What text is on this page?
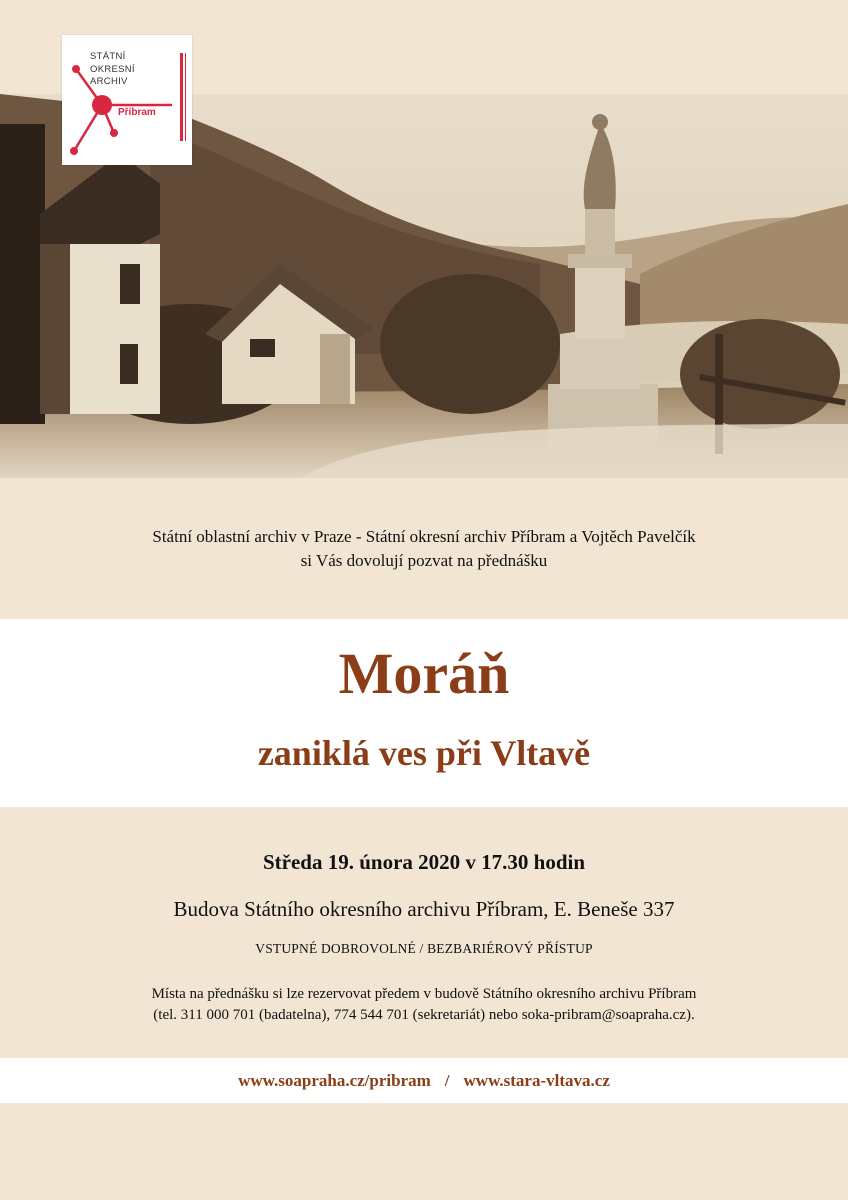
STÁTNÍ
OKRESNÍ
ARCHIV
Příbram
Státní oblastní archiv v Praze - Státní okresní archiv Příbram a Vojtěch Pavelčík
si Vás dovolují pozvat na přednášku
Moráň
zaniklá ves při Vltavě
Středa 19. února 2020 v 17.30 hodin
Budova Státního okresního archivu Příbram, E. Beneše 337
VSTUPNÉ DOBROVOLNÉ / BEZBARIÉROVÝ PŘÍSTUP
Místa na přednášku si lze rezervovat předem v budově Státního okresního archivu Příbram
(tel. 311 000 701 (badatelna), 774 544 701 (sekretariát) nebo soka-pribram@soapraha.cz).
www.soapraha.cz/pribram / www.stara-vltava.cz
